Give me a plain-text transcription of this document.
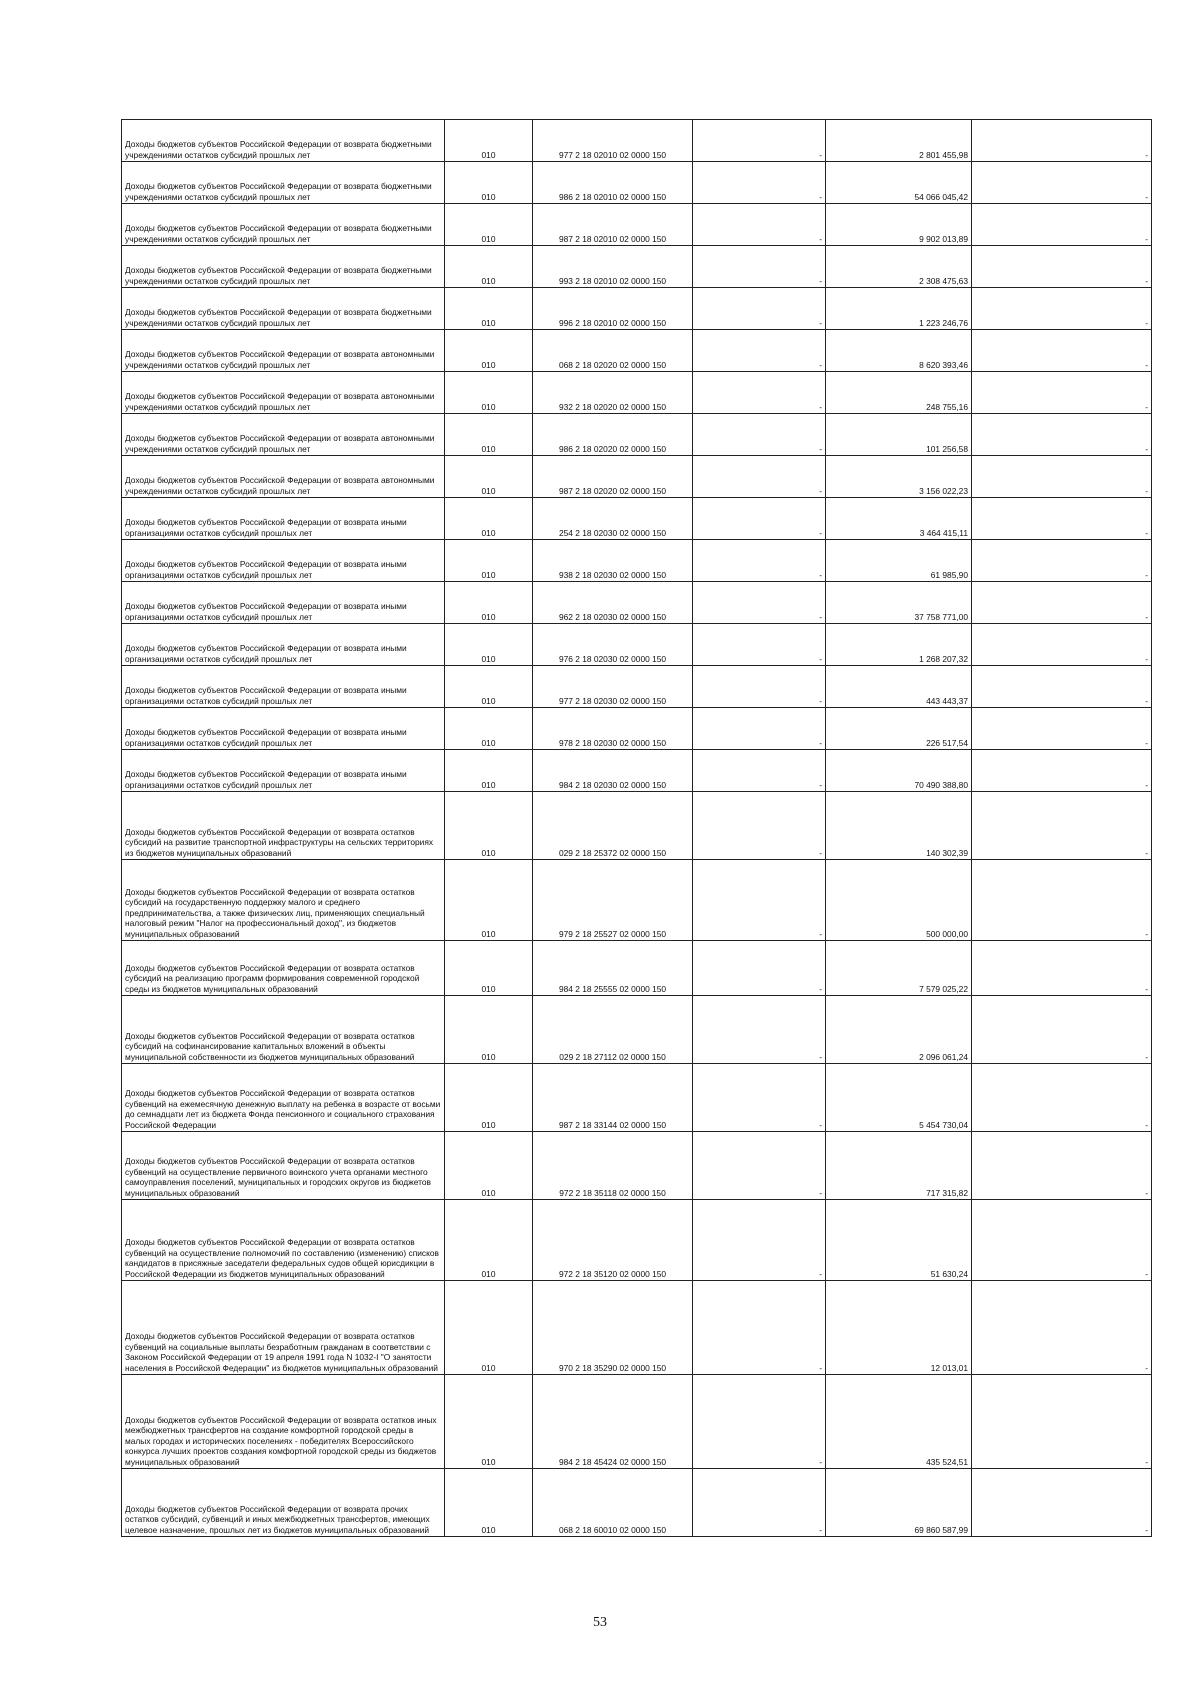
Доходы бюджетов субъектов Российской Федерации от возврата бюджетными учреждениями остатков субсидий прошлых лет	010	977 2 18 02010 02 0000 150	-	2 801 455,98	-
Доходы бюджетов субъектов Российской Федерации от возврата бюджетными учреждениями остатков субсидий прошлых лет	010	986 2 18 02010 02 0000 150	-	54 066 045,42	-
Доходы бюджетов субъектов Российской Федерации от возврата бюджетными учреждениями остатков субсидий прошлых лет	010	987 2 18 02010 02 0000 150	-	9 902 013,89	-
Доходы бюджетов субъектов Российской Федерации от возврата бюджетными учреждениями остатков субсидий прошлых лет	010	993 2 18 02010 02 0000 150	-	2 308 475,63	-
Доходы бюджетов субъектов Российской Федерации от возврата бюджетными учреждениями остатков субсидий прошлых лет	010	996 2 18 02010 02 0000 150	-	1 223 246,76	-
Доходы бюджетов субъектов Российской Федерации от возврата автономными учреждениями остатков субсидий прошлых лет	010	068 2 18 02020 02 0000 150	-	8 620 393,46	-
Доходы бюджетов субъектов Российской Федерации от возврата автономными учреждениями остатков субсидий прошлых лет	010	932 2 18 02020 02 0000 150	-	248 755,16	-
Доходы бюджетов субъектов Российской Федерации от возврата автономными учреждениями остатков субсидий прошлых лет	010	986 2 18 02020 02 0000 150	-	101 256,58	-
Доходы бюджетов субъектов Российской Федерации от возврата автономными учреждениями остатков субсидий прошлых лет	010	987 2 18 02020 02 0000 150	-	3 156 022,23	-
Доходы бюджетов субъектов Российской Федерации от возврата иными организациями остатков субсидий прошлых лет	010	254 2 18 02030 02 0000 150	-	3 464 415,11	-
Доходы бюджетов субъектов Российской Федерации от возврата иными организациями остатков субсидий прошлых лет	010	938 2 18 02030 02 0000 150	-	61 985,90	-
Доходы бюджетов субъектов Российской Федерации от возврата иными организациями остатков субсидий прошлых лет	010	962 2 18 02030 02 0000 150	-	37 758 771,00	-
Доходы бюджетов субъектов Российской Федерации от возврата иными организациями остатков субсидий прошлых лет	010	976 2 18 02030 02 0000 150	-	1 268 207,32	-
Доходы бюджетов субъектов Российской Федерации от возврата иными организациями остатков субсидий прошлых лет	010	977 2 18 02030 02 0000 150	-	443 443,37	-
Доходы бюджетов субъектов Российской Федерации от возврата иными организациями остатков субсидий прошлых лет	010	978 2 18 02030 02 0000 150	-	226 517,54	-
Доходы бюджетов субъектов Российской Федерации от возврата иными организациями остатков субсидий прошлых лет	010	984 2 18 02030 02 0000 150	-	70 490 388,80	-
Доходы бюджетов субъектов Российской Федерации от возврата остатков субсидий на развитие транспортной инфраструктуры на сельских территориях из бюджетов муниципальных образований	010	029 2 18 25372 02 0000 150	-	140 302,39	-
Доходы бюджетов субъектов Российской Федерации от возврата остатков субсидий на государственную поддержку малого и среднего предпринимательства, а также физических лиц, применяющих специальный налоговый режим "Налог на профессиональный доход", из бюджетов муниципальных образований	010	979 2 18 25527 02 0000 150	-	500 000,00	-
Доходы бюджетов субъектов Российской Федерации от возврата остатков субсидий на реализацию программ формирования современной городской среды из бюджетов муниципальных образований	010	984 2 18 25555 02 0000 150	-	7 579 025,22	-
Доходы бюджетов субъектов Российской Федерации от возврата остатков субсидий на софинансирование капитальных вложений в объекты муниципальной собственности из бюджетов муниципальных образований	010	029 2 18 27112 02 0000 150	-	2 096 061,24	-
Доходы бюджетов субъектов Российской Федерации от возврата остатков субвенций на ежемесячную денежную выплату на ребенка в возрасте от восьми до семнадцати лет из бюджета Фонда пенсионного и социального страхования Российской Федерации	010	987 2 18 33144 02 0000 150	-	5 454 730,04	-
Доходы бюджетов субъектов Российской Федерации от возврата остатков субвенций на осуществление первичного воинского учета органами местного самоуправления поселений, муниципальных и городских округов из бюджетов муниципальных образований	010	972 2 18 35118 02 0000 150	-	717 315,82	-
Доходы бюджетов субъектов Российской Федерации от возврата остатков субвенций на осуществление полномочий по составлению (изменению) списков кандидатов в присяжные заседатели федеральных судов общей юрисдикции в Российской Федерации из бюджетов муниципальных образований	010	972 2 18 35120 02 0000 150	-	51 630,24	-
Доходы бюджетов субъектов Российской Федерации от возврата остатков субвенций на социальные выплаты безработным гражданам в соответствии с Законом Российской Федерации от 19 апреля 1991 года N 1032-I "О занятости населения в Российской Федерации" из бюджетов муниципальных образований	010	970 2 18 35290 02 0000 150	-	12 013,01	-
Доходы бюджетов субъектов Российской Федерации от возврата остатков иных межбюджетных трансфертов на создание комфортной городской среды в малых городах и исторических поселениях - победителях Всероссийского конкурса лучших проектов создания комфортной городской среды из бюджетов муниципальных образований	010	984 2 18 45424 02 0000 150	-	435 524,51	-
Доходы бюджетов субъектов Российской Федерации от возврата прочих остатков субсидий, субвенций и иных межбюджетных трансфертов, имеющих целевое назначение, прошлых лет из бюджетов муниципальных образований	010	068 2 18 60010 02 0000 150	-	69 860 587,99	-
53
